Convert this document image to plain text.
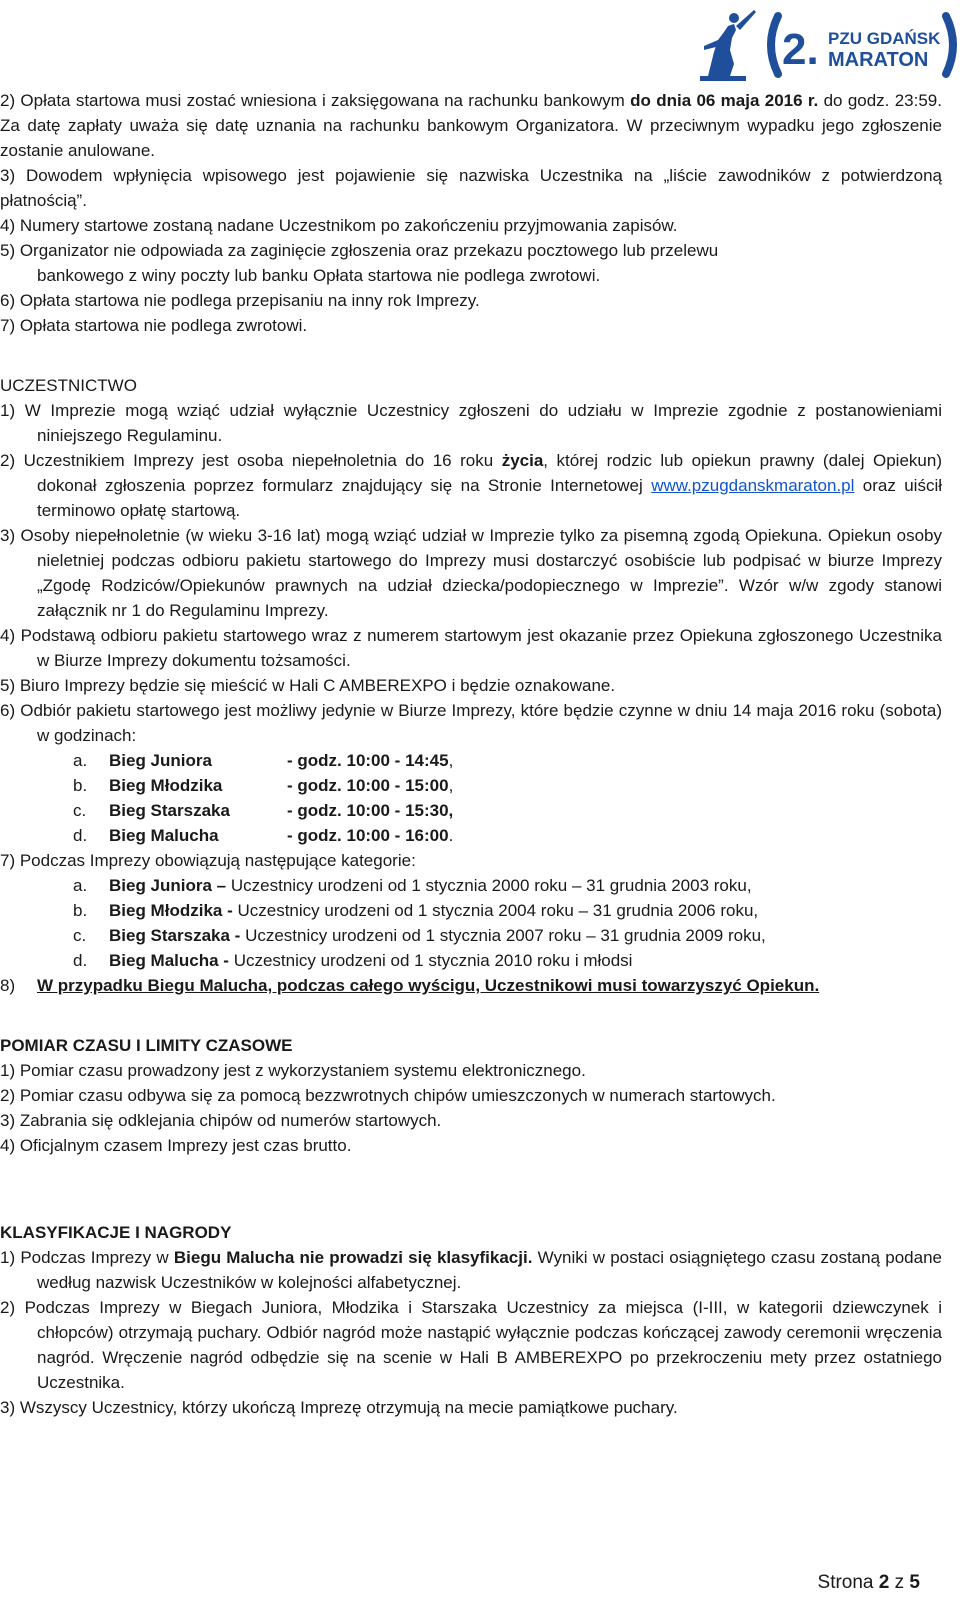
2. PZU GDAŃSK
MARATON

2) Opłata startowa musi zostać wniesiona i zaksięgowana na rachunku bankowym do dnia 06 maja 2016 r. do godz. 23:59. Za datę zapłaty uważa się datę uznania na rachunku bankowym Organizatora. W przeciwnym wypadku jego zgłoszenie zostanie anulowane.

3) Dowodem wpłynięcia wpisowego jest pojawienie się nazwiska Uczestnika na „liście zawodników z potwierdzoną płatnością”.

4) Numery startowe zostaną nadane Uczestnikom po zakończeniu przyjmowania zapisów.

5) Organizator nie odpowiada za zaginięcie zgłoszenia oraz przekazu pocztowego lub przelewu
bankowego z winy poczty lub banku Opłata startowa nie podlega zwrotowi.

6) Opłata startowa nie podlega przepisaniu na inny rok Imprezy.

7) Opłata startowa nie podlega zwrotowi.

UCZESTNICTWO

1) W Imprezie mogą wziąć udział wyłącznie Uczestnicy zgłoszeni do udziału w Imprezie zgodnie z postanowieniami niniejszego Regulaminu.

2) Uczestnikiem Imprezy jest osoba niepełnoletnia do 16 roku życia, której rodzic lub opiekun prawny (dalej Opiekun) dokonał zgłoszenia poprzez formularz znajdujący się na Stronie Internetowej www.pzugdanskmaraton.pl oraz uiścił terminowo opłatę startową.

3) Osoby niepełnoletnie (w wieku 3-16 lat) mogą wziąć udział w Imprezie tylko za pisemną zgodą Opiekuna. Opiekun osoby nieletniej podczas odbioru pakietu startowego do Imprezy musi dostarczyć osobiście lub podpisać w biurze Imprezy „Zgodę Rodziców/Opiekunów prawnych na udział dziecka/podopiecznego w Imprezie”. Wzór w/w zgody stanowi załącznik nr 1 do Regulaminu Imprezy.

4) Podstawą odbioru pakietu startowego wraz z numerem startowym jest okazanie przez Opiekuna zgłoszonego Uczestnika w Biurze Imprezy dokumentu tożsamości.

5) Biuro Imprezy będzie się mieścić w Hali C AMBEREXPO i będzie oznakowane.

6) Odbiór pakietu startowego jest możliwy jedynie w Biurze Imprezy, które będzie czynne w dniu 14 maja 2016 roku (sobota) w godzinach:

a.	Bieg Juniora	- godz. 10:00 - 14:45 ,
b.	Bieg Młodzika	- godz. 10:00 - 15:00 ,
c.	Bieg Starszaka	- godz. 10:00 - 15:30,
d.	Bieg Malucha	- godz. 10:00 - 16:00 .

7) Podczas Imprezy obowiązują następujące kategorie:

a.	Bieg Juniora – Uczestnicy urodzeni od 1 stycznia 2000 roku – 31 grudnia 2003 roku,
b.	Bieg Młodzika - Uczestnicy urodzeni od 1 stycznia 2004 roku – 31 grudnia 2006 roku,
c.	Bieg Starszaka - Uczestnicy urodzeni od 1 stycznia 2007 roku – 31 grudnia 2009 roku,
d.	Bieg Malucha - Uczestnicy urodzeni od 1 stycznia 2010 roku i młodsi

8) W przypadku Biegu Malucha, podczas całego wyścigu, Uczestnikowi musi towarzyszyć Opiekun.

POMIAR CZASU I LIMITY CZASOWE

1) Pomiar czasu prowadzony jest z wykorzystaniem systemu elektronicznego.

2) Pomiar czasu odbywa się za pomocą bezzwrotnych chipów umieszczonych w numerach startowych.

3) Zabrania się odklejania chipów od numerów startowych.

4) Oficjalnym czasem Imprezy jest czas brutto.

KLASYFIKACJE I NAGRODY

1) Podczas Imprezy w Biegu Malucha nie prowadzi się klasyfikacji. Wyniki w postaci osiągniętego czasu zostaną podane według nazwisk Uczestników w kolejności alfabetycznej.

2) Podczas Imprezy w Biegach Juniora, Młodzika i Starszaka Uczestnicy za miejsca (I-III, w kategorii dziewczynek i chłopców) otrzymają puchary. Odbiór nagród może nastąpić wyłącznie podczas kończącej zawody ceremonii wręczenia nagród. Wręczenie nagród odbędzie się na scenie w Hali B AMBEREXPO po przekroczeniu mety przez ostatniego Uczestnika.

3) Wszyscy Uczestnicy, którzy ukończą Imprezę otrzymują na mecie pamiątkowe puchary.

Strona 2 z 5
